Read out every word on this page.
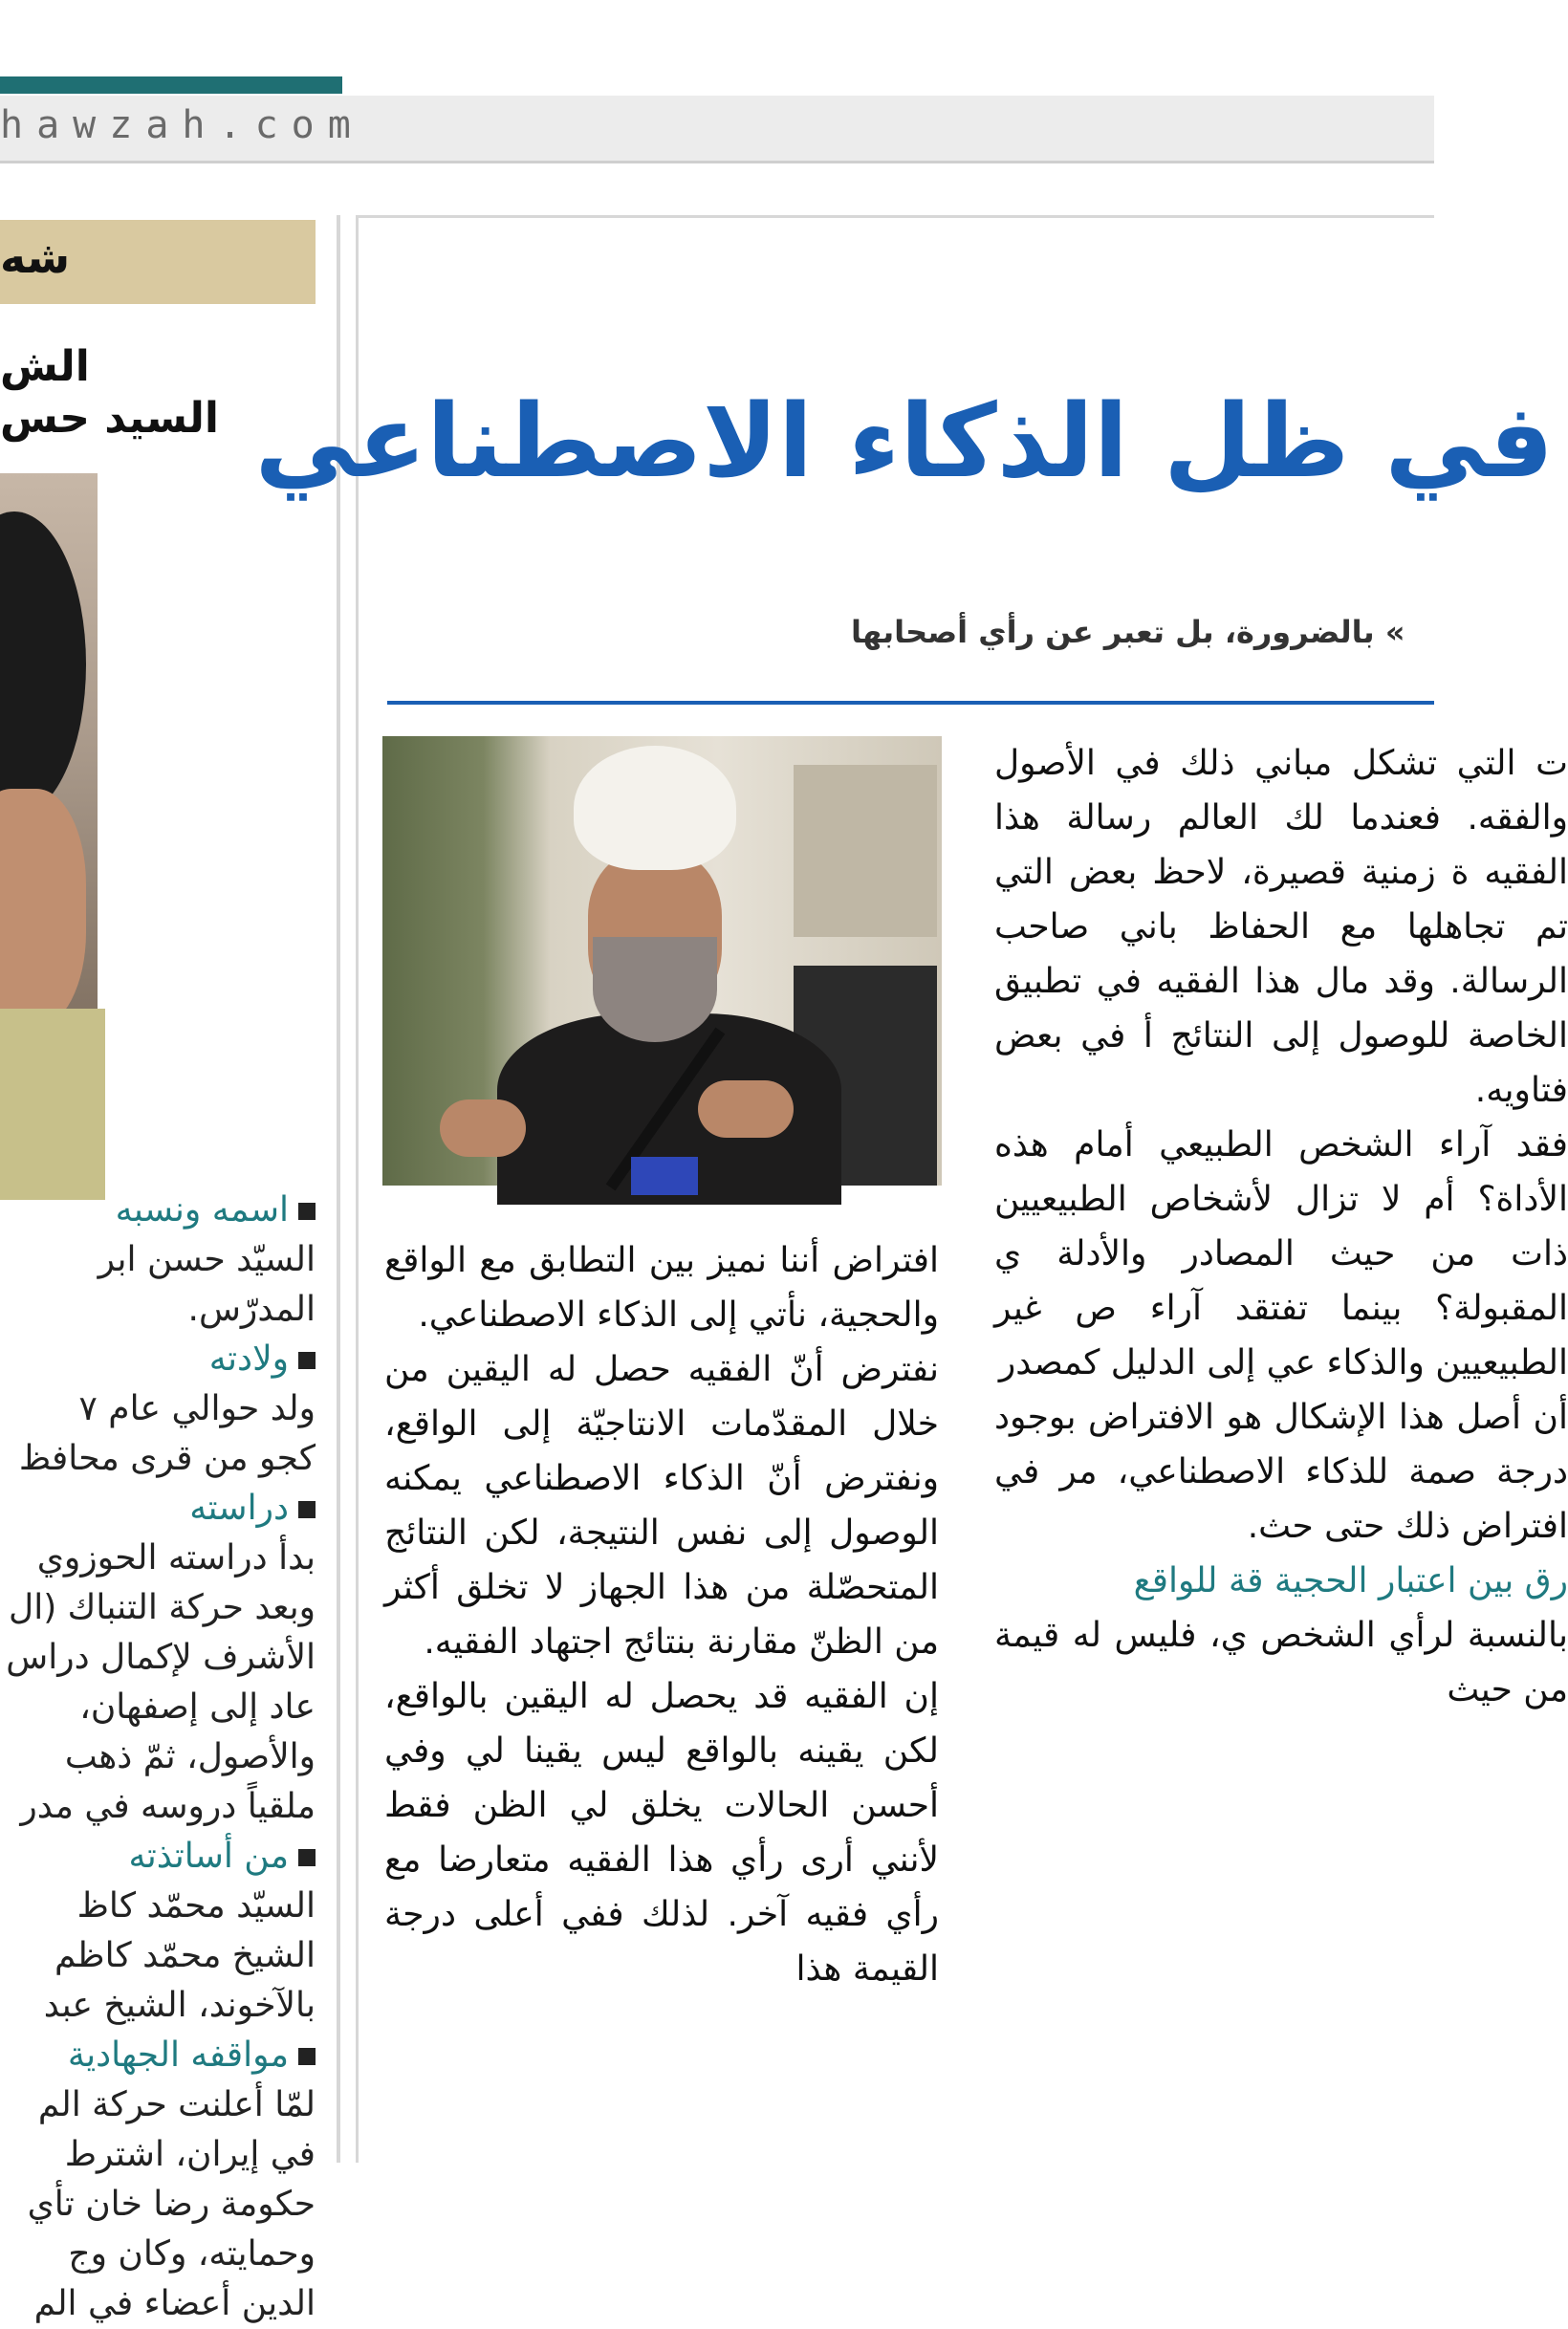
hawzah.com
شه
الش
السيد حس
اسمه ونسبه
السيّد حسن ابر
المدرّس.
ولادته
ولد حوالي عام ٧
كجو من قرى محافظ
دراسته
بدأ دراسته الحوزوي
وبعد حركة التنباك (ال
الأشرف لإكمال دراس
عاد إلى إصفهان،
والأصول، ثمّ ذهب
ملقياً دروسه في مدر
من أساتذته
السيّد محمّد كاظ
الشيخ محمّد كاظم
بالآخوند، الشيخ عبد
مواقفه الجهادية
لمّا أعلنت حركة الم
في إيران، اشترط
حكومة رضا خان تأي
وحمايته، وكان وج
الدين أعضاء في الم
في ظل الذكاء الاصطناعي
» بالضرورة، بل تعبر عن رأي أصحابها

افتراض أننا نميز بين التطابق مع الواقع والحجية، نأتي إلى الذكاء الاصطناعي.

نفترض أنّ الفقيه حصل له اليقين من خلال المقدّمات الانتاجيّة إلى الواقع، ونفترض أنّ الذكاء الاصطناعي يمكنه الوصول إلى نفس النتيجة، لكن النتائج المتحصّلة من هذا الجهاز لا تخلق أكثر من الظنّ مقارنة بنتائج اجتهاد الفقيه.

إن الفقيه قد يحصل له اليقين بالواقع، لكن يقينه بالواقع ليس يقينا لي وفي أحسن الحالات يخلق لي الظن فقط لأنني أرى رأي هذا الفقيه متعارضا مع رأي فقيه آخر. لذلك ففي أعلى درجة القيمة هذا

ت التي تشكل مباني ذلك في الأصول والفقه. فعندما لك العالم رسالة هذا الفقيه ة زمنية قصيرة، لاحظ بعض التي تم تجاهلها مع الحفاظ باني صاحب الرسالة. وقد مال هذا الفقيه في تطبيق الخاصة للوصول إلى النتائج أ في بعض فتاويه.

فقد آراء الشخص الطبيعي أمام هذه الأداة؟ أم لا تزال لأشخاص الطبيعيين ذات من حيث المصادر والأدلة ي المقبولة؟ بينما تفتقد آراء ص غير الطبيعيين والذكاء عي إلى الدليل كمصدر

أن أصل هذا الإشكال هو الافتراض بوجود درجة صمة للذكاء الاصطناعي، مر في افتراض ذلك حتى حث.

رق بين اعتبار الحجية قة للواقع

بالنسبة لرأي الشخص ي، فليس له قيمة من حيث
